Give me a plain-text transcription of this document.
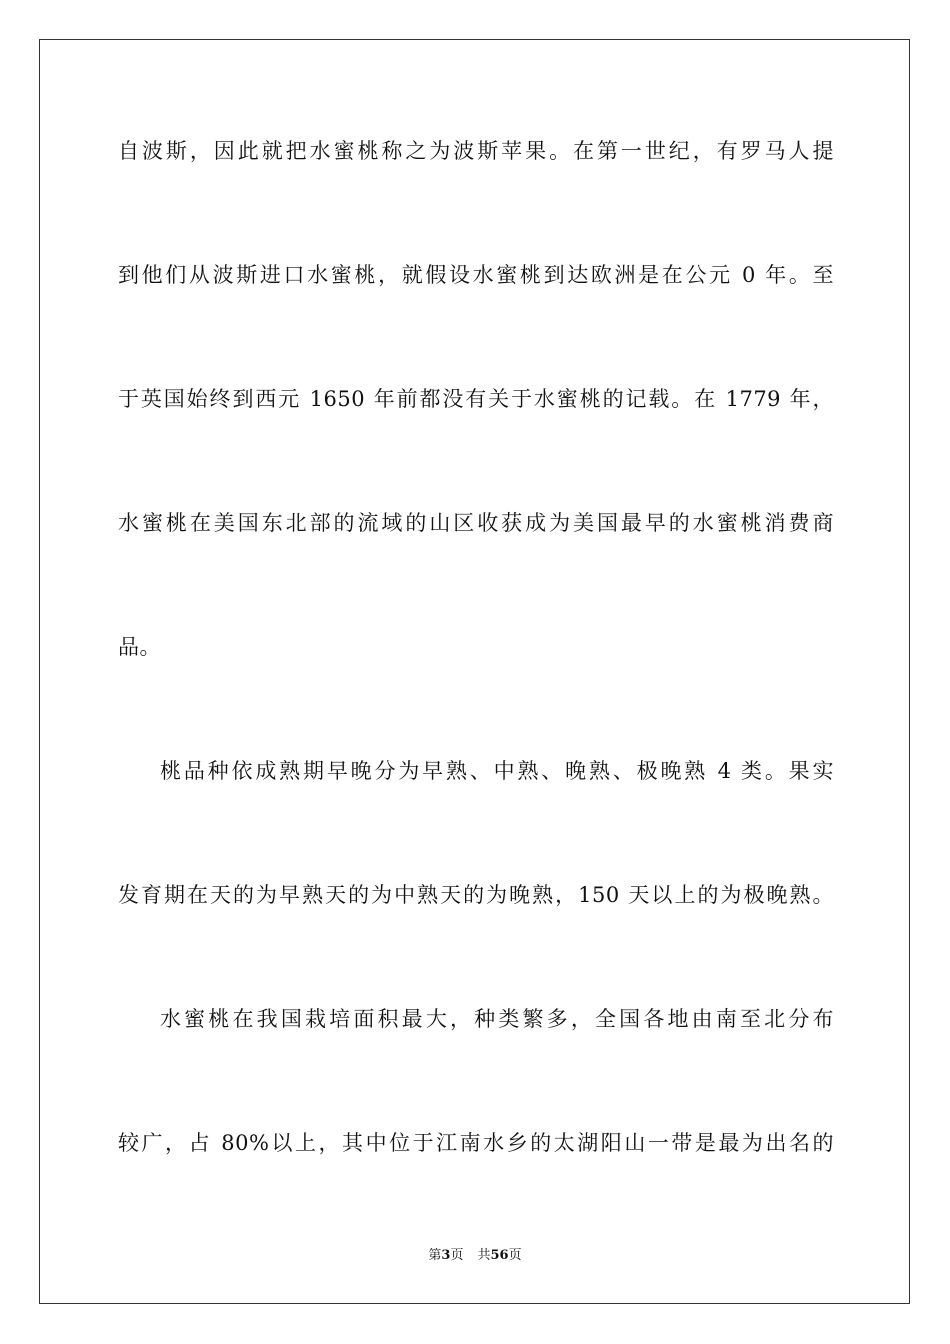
自波斯，因此就把水蜜桃称之为波斯苹果。在第一世纪，有罗马人提
到他们从波斯进口水蜜桃，就假设水蜜桃到达欧洲是在公元 0 年。至
于英国始终到西元 1650 年前都没有关于水蜜桃的记载。在 1779 年，
水蜜桃在美国东北部的流域的山区收获成为美国最早的水蜜桃消费商
品。
桃品种依成熟期早晚分为早熟、中熟、晚熟、极晚熟 4 类。果实
发育期在天的为早熟天的为中熟天的为晚熟，150 天以上的为极晚熟。
水蜜桃在我国栽培面积最大，种类繁多，全国各地由南至北分布
较广，占 80%以上，其中位于江南水乡的太湖阳山一带是最为出名的
第3页 共56页
